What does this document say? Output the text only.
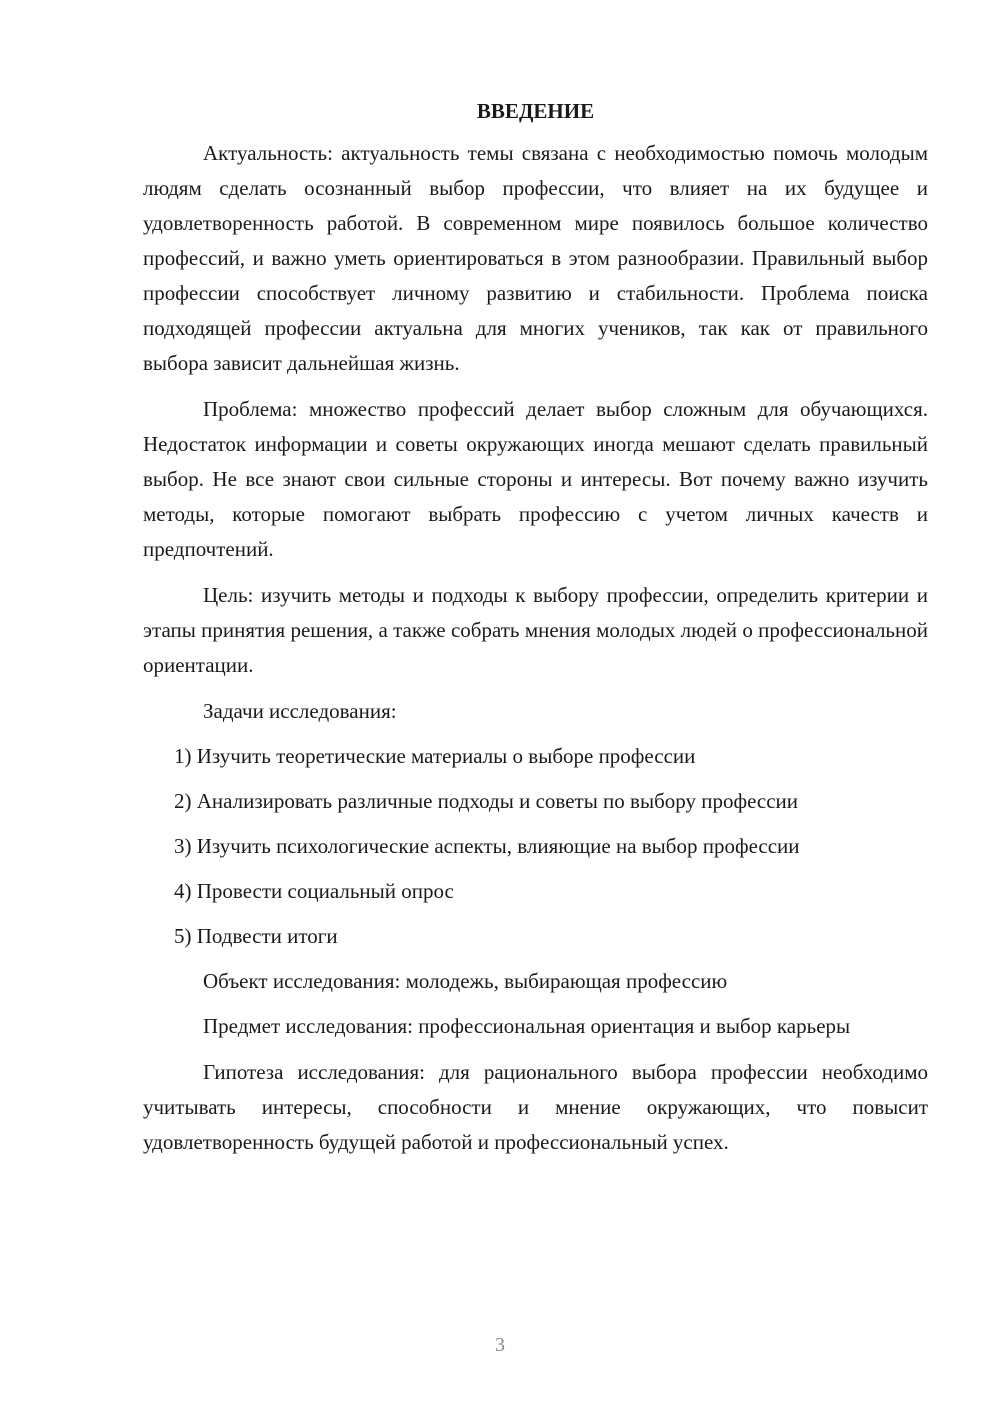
ВВЕДЕНИЕ

Актуальность: актуальность темы связана с необходимостью помочь молодым людям сделать осознанный выбор профессии, что влияет на их будущее и удовлетворенность работой. В современном мире появилось большое количество профессий, и важно уметь ориентироваться в этом разнообразии. Правильный выбор профессии способствует личному развитию и стабильности. Проблема поиска подходящей профессии актуальна для многих учеников, так как от правильного выбора зависит дальнейшая жизнь.

Проблема: множество профессий делает выбор сложным для обучающихся. Недостаток информации и советы окружающих иногда мешают сделать правильный выбор. Не все знают свои сильные стороны и интересы. Вот почему важно изучить методы, которые помогают выбрать профессию с учетом личных качеств и предпочтений.

Цель: изучить методы и подходы к выбору профессии, определить критерии и этапы принятия решения, а также собрать мнения молодых людей о профессиональной ориентации.

Задачи исследования:
1) Изучить теоретические материалы о выборе профессии
2) Анализировать различные подходы и советы по выбору профессии
3) Изучить психологические аспекты, влияющие на выбор профессии
4) Провести социальный опрос
5) Подвести итоги
Объект исследования: молодежь, выбирающая профессию

Предмет исследования: профессиональная ориентация и выбор карьеры

Гипотеза исследования: для рационального выбора профессии необходимо учитывать интересы, способности и мнение окружающих, что повысит удовлетворенность будущей работой и профессиональный успех.

3
